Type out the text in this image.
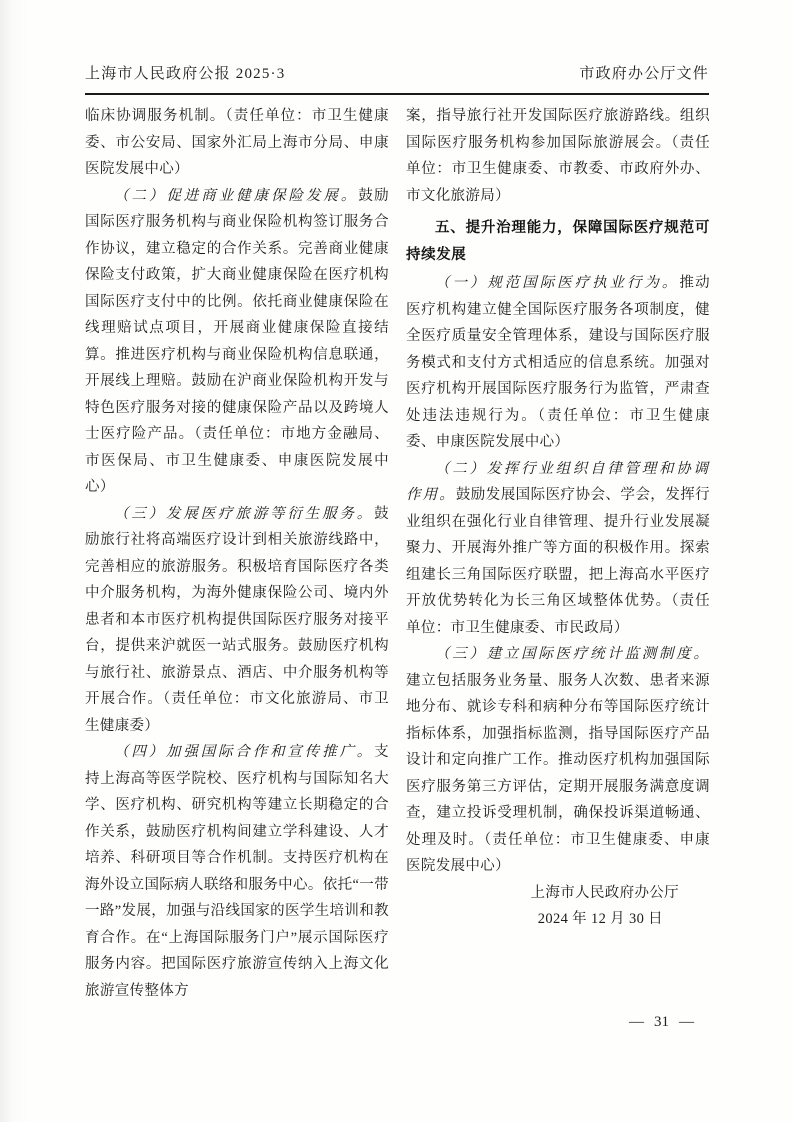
上海市人民政府公报 2025·3	市政府办公厅文件

临床协调服务机制。（责任单位：市卫生健康委、市公安局、国家外汇局上海市分局、申康医院发展中心）

（二）促进商业健康保险发展。鼓励国际医疗服务机构与商业保险机构签订服务合作协议，建立稳定的合作关系。完善商业健康保险支付政策，扩大商业健康保险在医疗机构国际医疗支付中的比例。依托商业健康保险在线理赔试点项目，开展商业健康保险直接结算。推进医疗机构与商业保险机构信息联通，开展线上理赔。鼓励在沪商业保险机构开发与特色医疗服务对接的健康保险产品以及跨境人士医疗险产品。（责任单位：市地方金融局、市医保局、市卫生健康委、申康医院发展中心）

（三）发展医疗旅游等衍生服务。鼓励旅行社将高端医疗设计到相关旅游线路中，完善相应的旅游服务。积极培育国际医疗各类中介服务机构，为海外健康保险公司、境内外患者和本市医疗机构提供国际医疗服务对接平台，提供来沪就医一站式服务。鼓励医疗机构与旅行社、旅游景点、酒店、中介服务机构等开展合作。（责任单位：市文化旅游局、市卫生健康委）

（四）加强国际合作和宣传推广。支持上海高等医学院校、医疗机构与国际知名大学、医疗机构、研究机构等建立长期稳定的合作关系，鼓励医疗机构间建立学科建设、人才培养、科研项目等合作机制。支持医疗机构在海外设立国际病人联络和服务中心。依托“一带一路”发展，加强与沿线国家的医学生培训和教育合作。在“上海国际服务门户”展示国际医疗服务内容。把国际医疗旅游宣传纳入上海文化旅游宣传整体方

案，指导旅行社开发国际医疗旅游路线。组织国际医疗服务机构参加国际旅游展会。（责任单位：市卫生健康委、市教委、市政府外办、市文化旅游局）

五、提升治理能力，保障国际医疗规范可持续发展

（一）规范国际医疗执业行为。推动医疗机构建立健全国际医疗服务各项制度，健全医疗质量安全管理体系，建设与国际医疗服务模式和支付方式相适应的信息系统。加强对医疗机构开展国际医疗服务行为监管，严肃查处违法违规行为。（责任单位：市卫生健康委、申康医院发展中心）

（二）发挥行业组织自律管理和协调作用。鼓励发展国际医疗协会、学会，发挥行业组织在强化行业自律管理、提升行业发展凝聚力、开展海外推广等方面的积极作用。探索组建长三角国际医疗联盟，把上海高水平医疗开放优势转化为长三角区域整体优势。（责任单位：市卫生健康委、市民政局）

（三）建立国际医疗统计监测制度。建立包括服务业务量、服务人次数、患者来源地分布、就诊专科和病种分布等国际医疗统计指标体系，加强指标监测，指导国际医疗产品设计和定向推广工作。推动医疗机构加强国际医疗服务第三方评估，定期开展服务满意度调查，建立投诉受理机制，确保投诉渠道畅通、处理及时。（责任单位：市卫生健康委、申康医院发展中心）

上海市人民政府办公厅

2024 年 12 月 30 日

— 31 —
